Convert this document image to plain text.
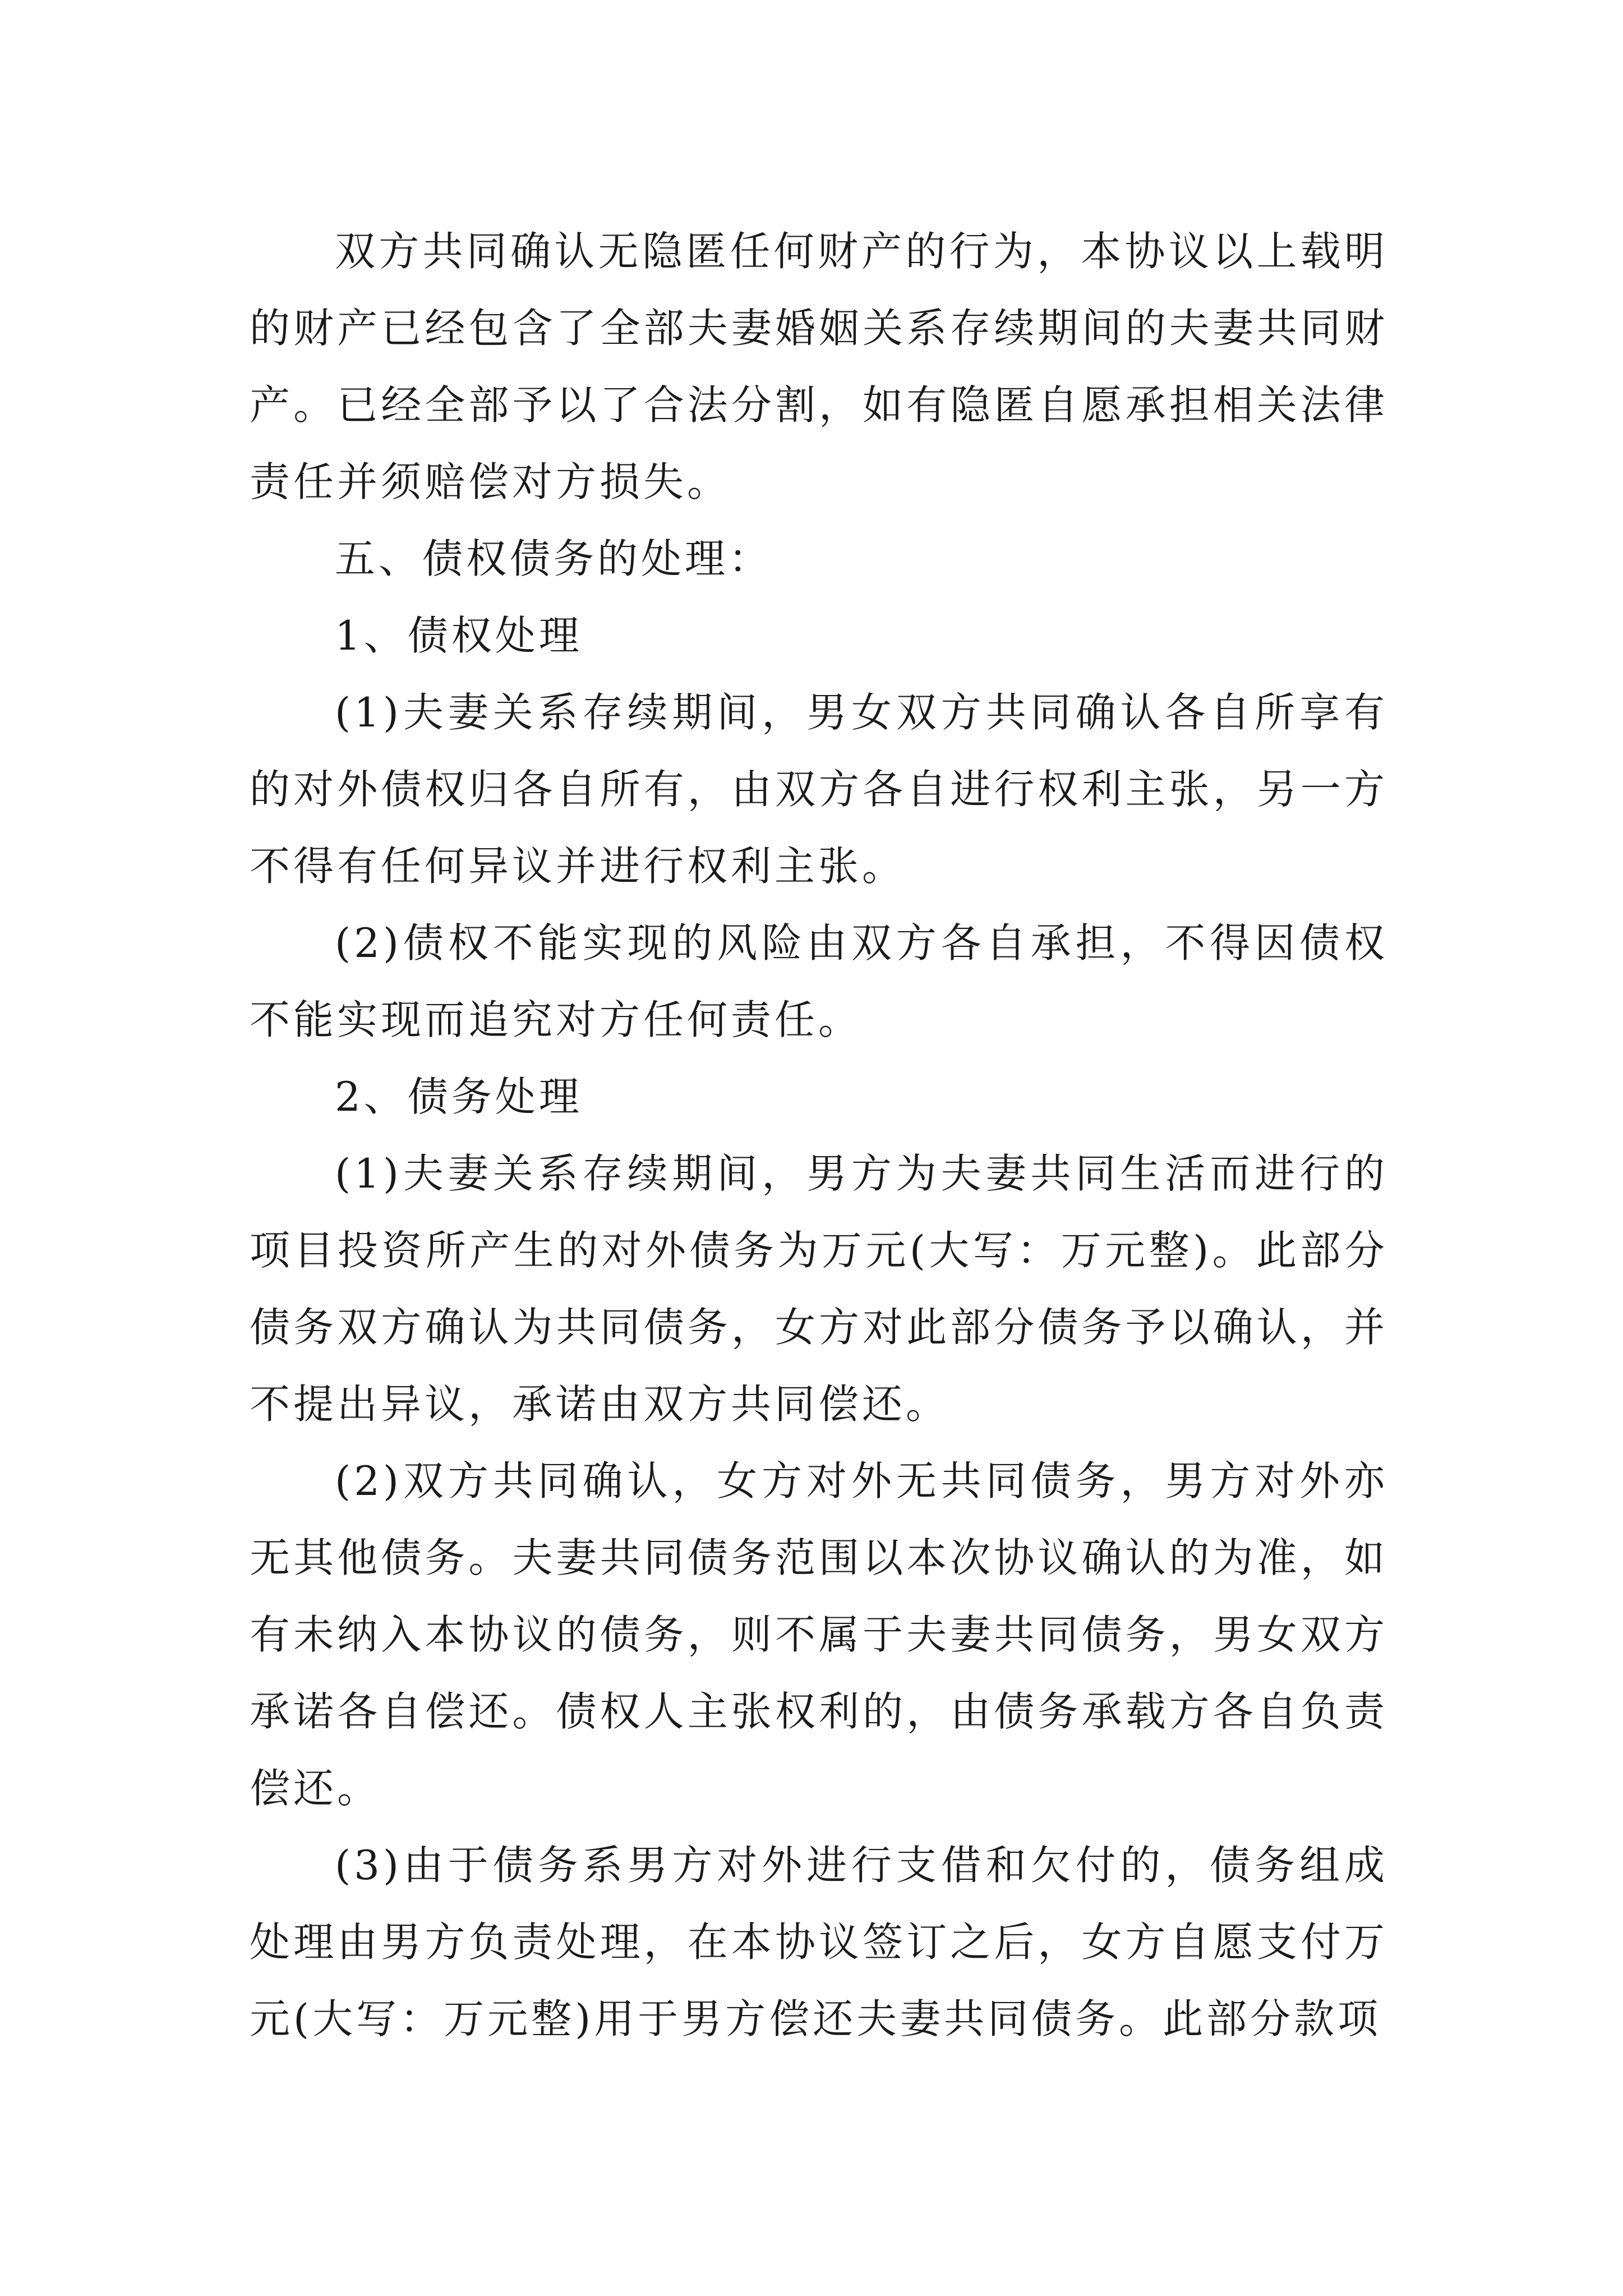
双方共同确认无隐匿任何财产的行为，本协议以上载明的财产已经包含了全部夫妻婚姻关系存续期间的夫妻共同财产。已经全部予以了合法分割，如有隐匿自愿承担相关法律责任并须赔偿对方损失。

五、债权债务的处理：

1、债权处理

(1)夫妻关系存续期间，男女双方共同确认各自所享有的对外债权归各自所有，由双方各自进行权利主张，另一方不得有任何异议并进行权利主张。

(2)债权不能实现的风险由双方各自承担，不得因债权不能实现而追究对方任何责任。

2、债务处理

(1)夫妻关系存续期间，男方为夫妻共同生活而进行的项目投资所产生的对外债务为万元(大写：万元整)。此部分债务双方确认为共同债务，女方对此部分债务予以确认，并不提出异议，承诺由双方共同偿还。

(2)双方共同确认，女方对外无共同债务，男方对外亦无其他债务。夫妻共同债务范围以本次协议确认的为准，如有未纳入本协议的债务，则不属于夫妻共同债务，男女双方承诺各自偿还。债权人主张权利的，由债务承载方各自负责偿还。

(3)由于债务系男方对外进行支借和欠付的，债务组成处理由男方负责处理，在本协议签订之后，女方自愿支付万元(大写：万元整)用于男方偿还夫妻共同债务。此部分款项
